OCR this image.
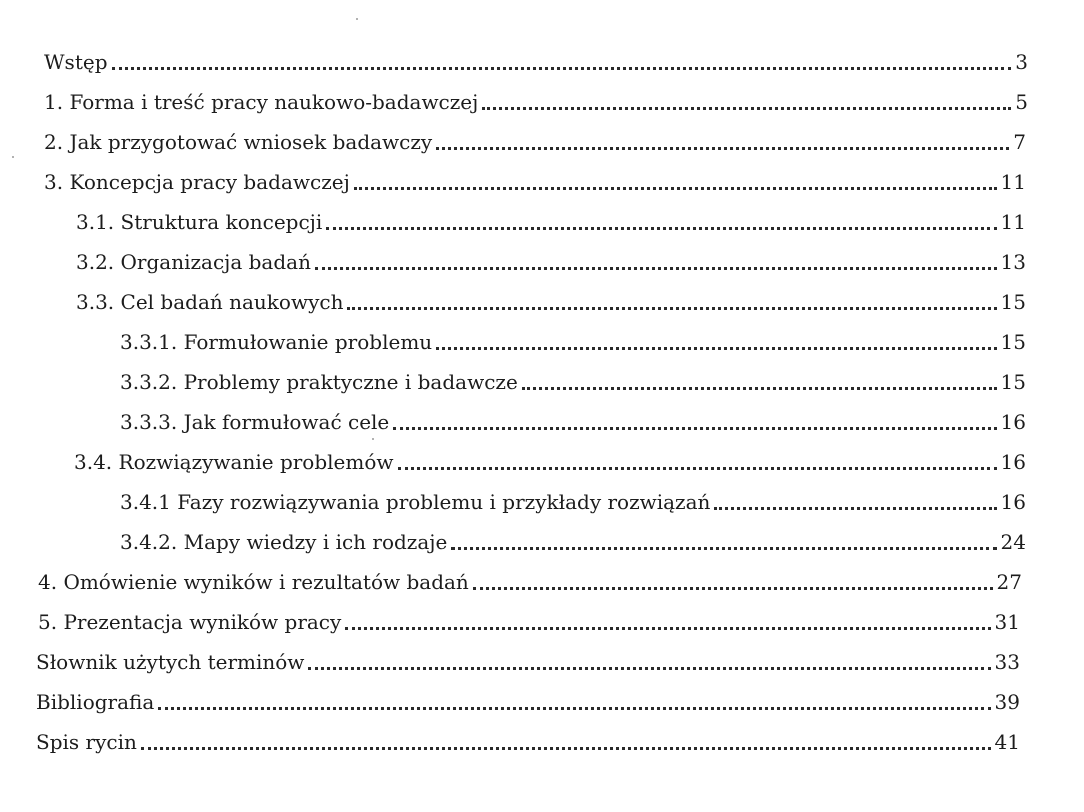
Wstęp	3
1. Forma i treść pracy naukowo-badawczej	5
2. Jak przygotować wniosek badawczy	7
3. Koncepcja pracy badawczej	11
3.1. Struktura koncepcji	11
3.2. Organizacja badań	13
3.3. Cel badań naukowych	15
3.3.1. Formułowanie problemu	15
3.3.2. Problemy praktyczne i badawcze	15
3.3.3. Jak formułować cele	16
3.4. Rozwiązywanie problemów	16
3.4.1 Fazy rozwiązywania problemu i przykłady rozwiązań	16
3.4.2. Mapy wiedzy i ich rodzaje	24
4. Omówienie wyników i rezultatów badań	27
5. Prezentacja wyników pracy	31
Słownik użytych terminów	33
Bibliografia	39
Spis rycin	41
